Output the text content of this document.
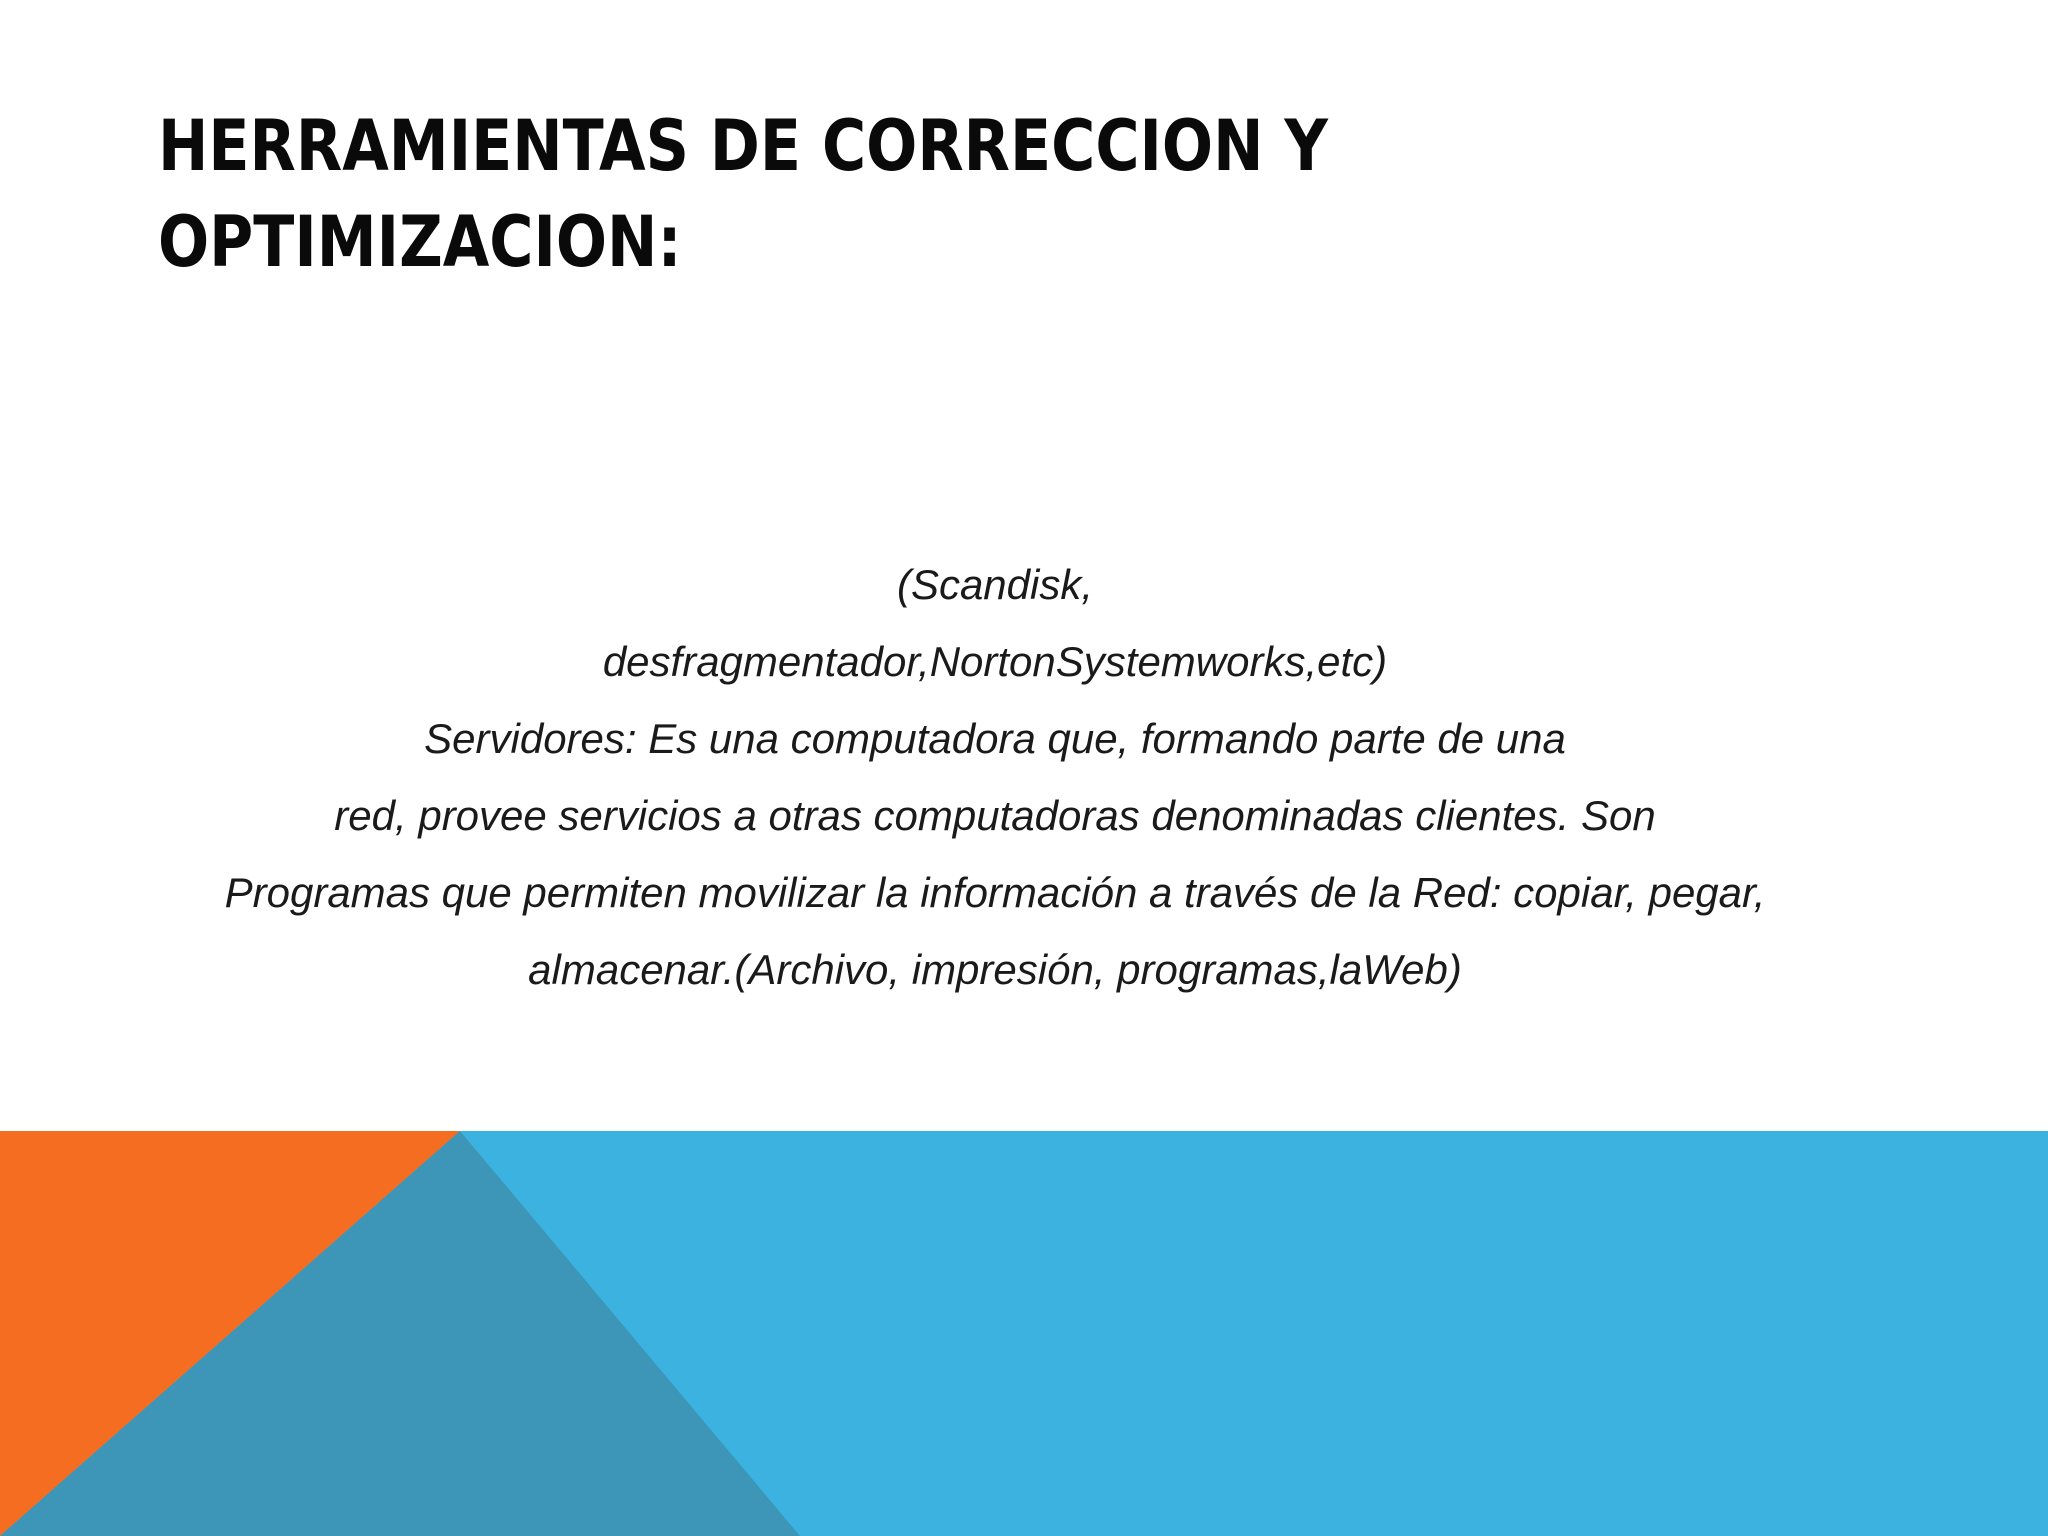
HERRAMIENTAS DE CORRECCION Y
OPTIMIZACION:

(Scandisk,

desfragmentador,NortonSystemworks,etc)

Servidores: Es una computadora que, formando parte de una

red, provee servicios a otras computadoras denominadas clientes. Son

Programas que permiten movilizar la información a través de la Red: copiar, pegar,

almacenar.(Archivo, impresión, programas,laWeb)
